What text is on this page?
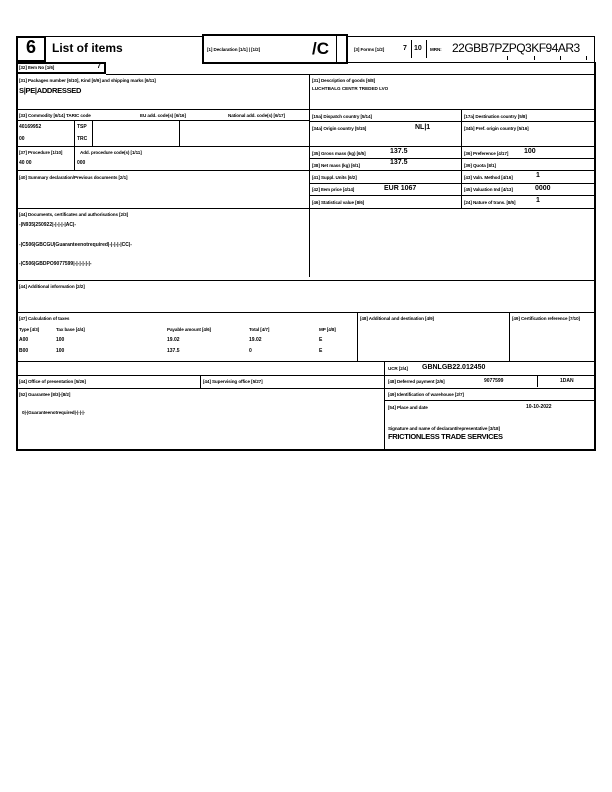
6	List of items	[1] Declaration [1/1] | [1/2]	/C	[3] Forms [1/2]	7 10 MRN: 22GBB7PZPQ3KF94AR3
[32] Item No [1/6]	7
[31] Packages number [6/10], Kind [6/9] and shipping marks [6/11]
S|PE|ADDRESSED
[31] Description of goods [6/8]
LUCHTBALG CENTR TREDED LVO
[33] Commodity [6/14] TARIC code	EU add. code(s) [6/16]	National add. code(s) [6/17]
40169952
00
TSP
TRC
[15a] Dispatch country [5/14]	[17a] Destination country [5/8]
[34a] Origin country [5/15]	NL|1	[34b] Pref. origin country [5/16]
[37] Procedure [1/10]	Add. procedure code(s) [1/11]
40 00	000
[35] Gross mass (kg) [6/5]	137.5	[36] Preference [4/17] 100
[38] Net mass (kg) [6/1]	137.5	[39] Quota [8/1]
[40] Summary declaration/Previous documents [2/1]	[41] Suppl. Units [6/2]	[43] Valn. Method [4/16]	1
[42] Item price [4/14]	EUR 1067	[45] Valuation Ind [4/13]	0000
[46] Statistical value [8/6]	[24] Nature of trans. [8/5]	1
[44] Documents, certificates and authorisations [2/3]
-|N935|250922|-|-|-|-|AC|-
-|C506|GBCGU|Guaranteenotrequired|-|-|-|-|CC|-
-|C506|GBDPO9077599|-|-|-|-|-|-
[44] Additional information [2/2]
[47] Calculation of taxes
Type [4/3]	Tax base [4/4]	Payable amount [4/6]	Total [4/7]	MP [4/8]
A00	100	19.02	19.02	E
B00	100	137.5	0	E
[48] Additional and destination [4/9]	[49] Certification reference [7/10]
UCR [2/4] GBNLGB22.012450
[44] Office of presentation [5/26]	[44] Supervising office [5/27]	[48] Deferred payment [2/6]	9077599	1DAN
[52] Guarantee [8/3]-[8/2]
0|-|Guaranteenotrequired|-|-|-|-
[49] Identification of warehouse [2/7]
[54] Place and date	10-10-2022
Signature and name of declarant/representative [3/18]
FRICTIONLESS TRADE SERVICES
